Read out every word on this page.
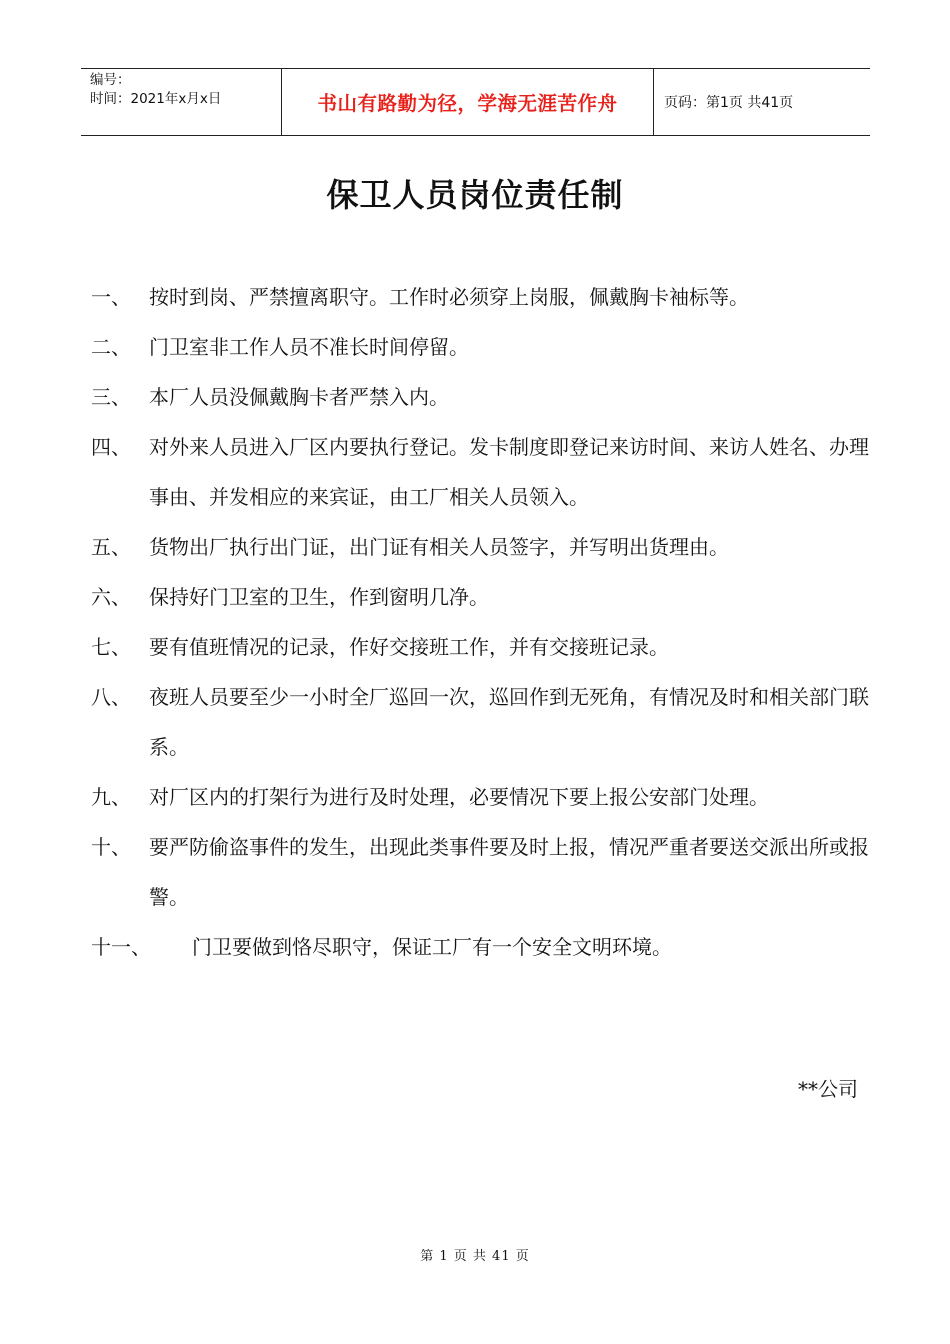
编号：
时间：2021年x月x日	书山有路勤为径，学海无涯苦作舟	页码：第1页 共41页
保卫人员岗位责任制
一、 按时到岗、严禁擅离职守。工作时必须穿上岗服，佩戴胸卡袖标等。
二、 门卫室非工作人员不准长时间停留。
三、 本厂人员没佩戴胸卡者严禁入内。
四、 对外来人员进入厂区内要执行登记。发卡制度即登记来访时间、来访人姓名、办理事由、并发相应的来宾证，由工厂相关人员领入。
五、 货物出厂执行出门证，出门证有相关人员签字，并写明出货理由。
六、 保持好门卫室的卫生，作到窗明几净。
七、 要有值班情况的记录，作好交接班工作，并有交接班记录。
八、 夜班人员要至少一小时全厂巡回一次，巡回作到无死角，有情况及时和相关部门联系。
九、 对厂区内的打架行为进行及时处理，必要情况下要上报公安部门处理。
十、 要严防偷盗事件的发生，出现此类事件要及时上报，情况严重者要送交派出所或报警。
十一、	门卫要做到恪尽职守，保证工厂有一个安全文明环境。
**公司
第 1 页 共 41 页
